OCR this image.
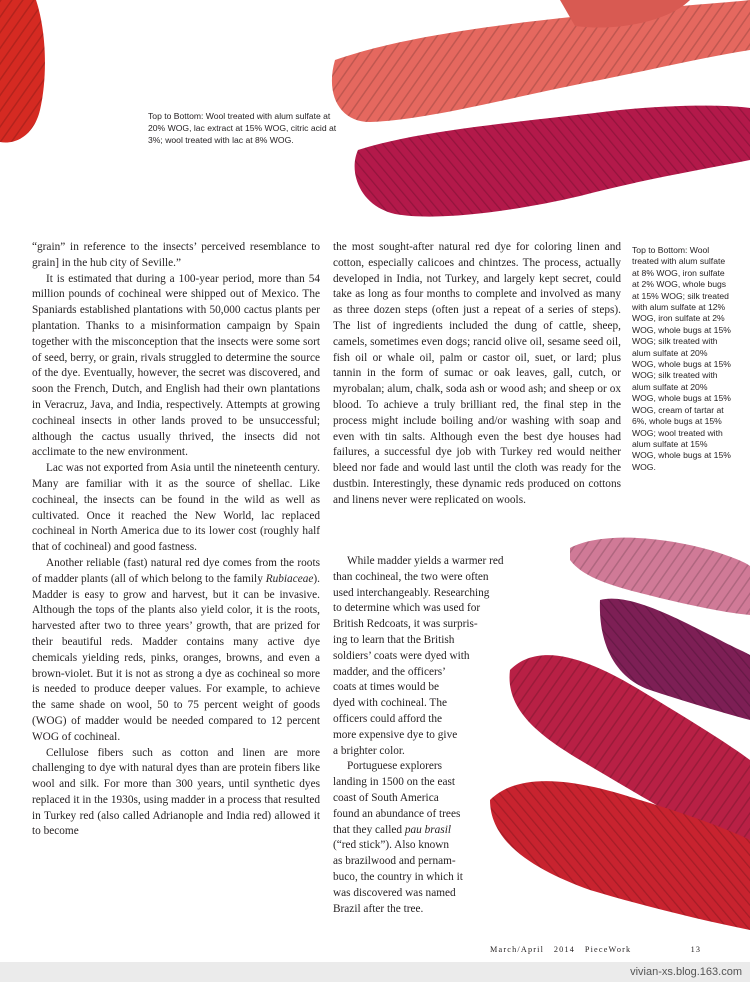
Top to Bottom: Wool treated with alum sulfate at 20% WOG, lac extract at 15% WOG, citric acid at 3%; wool treated with lac at 8% WOG.
Top to Bottom: Wool treated with alum sulfate at 8% WOG, iron sulfate at 2% WOG, whole bugs at 15% WOG; silk treated with alum sulfate at 12% WOG, iron sulfate at 2% WOG, whole bugs at 15% WOG; silk treated with alum sulfate at 20% WOG, whole bugs at 15% WOG; silk treated with alum sulfate at 20% WOG, whole bugs at 15% WOG, cream of tartar at 6%, whole bugs at 15% WOG; wool treated with alum sulfate at 15% WOG, whole bugs at 15% WOG.

“grain” in reference to the insects’ perceived resemblance to grain] in the hub city of Seville.”

It is estimated that during a 100-year period, more than 54 million pounds of cochineal were shipped out of Mexico. The Spaniards established plantations with 50,000 cactus plants per plantation. Thanks to a misinformation campaign by Spain together with the misconception that the insects were some sort of seed, berry, or grain, rivals struggled to determine the source of the dye. Eventually, however, the secret was discovered, and soon the French, Dutch, and English had their own plantations in Veracruz, Java, and India, respectively. Attempts at growing cochineal insects in other lands proved to be unsuccessful; although the cactus usually thrived, the insects did not acclimate to the new environment.

Lac was not exported from Asia until the nineteenth century. Many are familiar with it as the source of shellac. Like cochineal, the insects can be found in the wild as well as cultivated. Once it reached the New World, lac replaced cochineal in North America due to its lower cost (roughly half that of cochineal) and good fastness.

Another reliable (fast) natural red dye comes from the roots of madder plants (all of which belong to the family Rubiaceae). Madder is easy to grow and harvest, but it can be invasive. Although the tops of the plants also yield color, it is the roots, harvested after two to three years’ growth, that are prized for their beautiful reds. Madder contains many active dye chemicals yielding reds, pinks, oranges, browns, and even a brown-violet. But it is not as strong a dye as cochineal so more is needed to produce deeper values. For example, to achieve the same shade on wool, 50 to 75 percent weight of goods (WOG) of madder would be needed compared to 12 percent WOG of cochineal.

Cellulose fibers such as cotton and linen are more challenging to dye with natural dyes than are protein fibers like wool and silk. For more than 300 years, until synthetic dyes replaced it in the 1930s, using madder in a process that resulted in Turkey red (also called Adrianople and India red) allowed it to become

the most sought-after natural red dye for coloring linen and cotton, especially calicoes and chintzes. The process, actually developed in India, not Turkey, and largely kept secret, could take as long as four months to complete and involved as many as three dozen steps (often just a repeat of a series of steps). The list of ingredients included the dung of cattle, sheep, camels, sometimes even dogs; rancid olive oil, sesame seed oil, fish oil or whale oil, palm or castor oil, suet, or lard; plus tannin in the form of sumac or oak leaves, gall, cutch, or myrobalan; alum, chalk, soda ash or wood ash; and sheep or ox blood. To achieve a truly brilliant red, the final step in the process might include boiling and/or washing with soap and even with tin salts. Although even the best dye houses had failures, a successful dye job with Turkey red would neither bleed nor fade and would last until the cloth was ready for the dustbin. Interestingly, these dynamic reds produced on cottons and linens never were replicated on wools.

While madder yields a warmer red
than cochineal, the two were often
used interchangeably. Researching
to determine which was used for
British Redcoats, it was surpris-
ing to learn that the British
soldiers’ coats were dyed with
madder, and the officers’
coats at times would be
dyed with cochineal. The
officers could afford the
more expensive dye to give
a brighter color.
Portuguese explorers
landing in 1500 on the east
coast of South America
found an abundance of trees
that they called pau brasil
(“red stick”). Also known
as brazilwood and pernam-
buco, the country in which it
was discovered was named
Brazil after the tree.
March/April 2014 PieceWork	13
vivian-xs.blog.163.com
